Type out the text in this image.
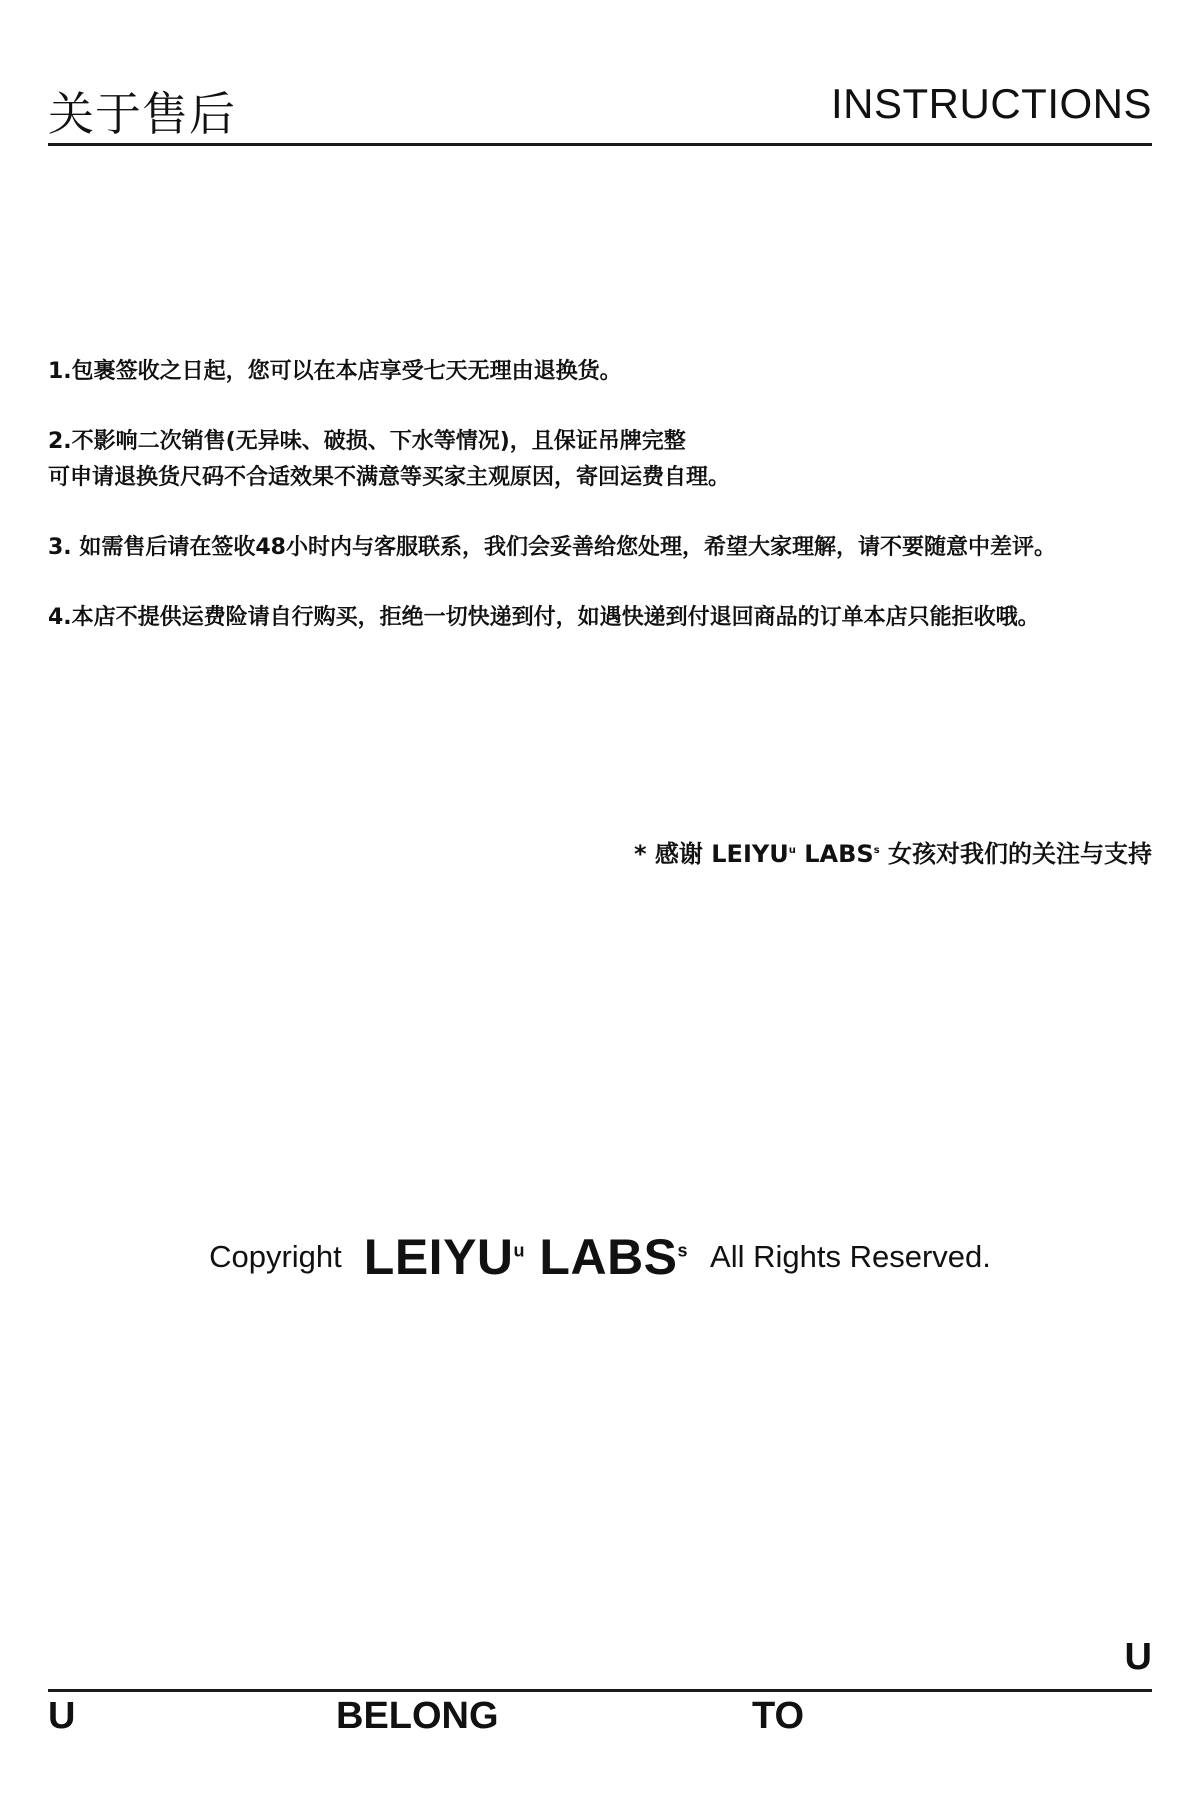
关于售后	INSTRUCTIONS
1.包裹签收之日起，您可以在本店享受七天无理由退换货。
2.不影响二次销售(无异味、破损、下水等情况)，且保证吊牌完整
可申请退换货尺码不合适效果不满意等买家主观原因，寄回运费自理。
3. 如需售后请在签收48小时内与客服联系，我们会妥善给您处理，希望大家理解，请不要随意中差评。
4.本店不提供运费险请自行购买，拒绝一切快递到付，如遇快递到付退回商品的订单本店只能拒收哦。
* 感谢 LEIYU$^u$ LABS$^s$ 女孩对我们的关注与支持
Copyright LEIYU$^u$ LABS$^s$ All Rights Reserved.
U
U	BELONG	TO
